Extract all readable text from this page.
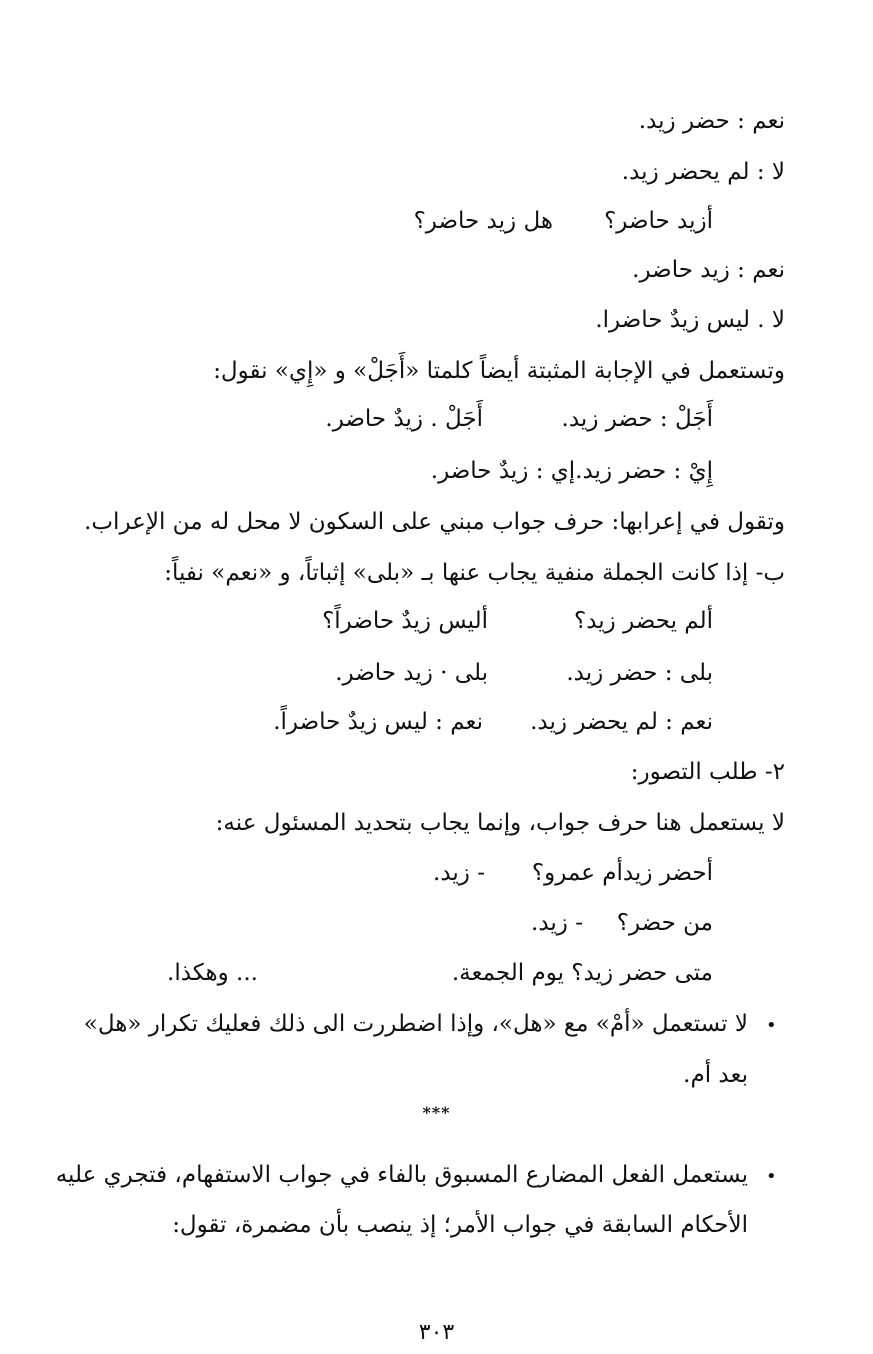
نعم : حضر زيد.
لا : لم يحضر زيد.
أزيد حاضر؟
هل زيد حاضر؟
نعم : زيد حاضر.
لا . ليس زيدٌ حاضرا.
وتستعمل في الإجابة المثبتة أيضاً كلمتا «أَجَلْ» و «إِي» نقول:
أَجَلْ : حضر زيد.
أَجَلْ . زيدٌ حاضر.
إِيْ : حضر زيد.إي : زيدٌ حاضر.
وتقول في إعرابها: حرف جواب مبني على السكون لا محل له من الإعراب.
ب- إذا كانت الجملة منفية يجاب عنها بـ «بلى» إثباتاً، و «نعم» نفياً:
ألم يحضر زيد؟
أليس زيدٌ حاضراً؟
بلى : حضر زيد.
بلى · زيد حاضر.
نعم : لم يحضر زيد.
نعم : ليس زيدٌ حاضراً.
٢- طلب التصور:
لا يستعمل هنا حرف جواب، وإنما يجاب بتحديد المسئول عنه:
أحضر زيدأم عمرو؟
- زيد.
من حضر؟
- زيد.
متى حضر زيد؟ يوم الجمعة.
... وهكذا.
•
لا تستعمل «أمْ» مع «هل»، وإذا اضطررت الى ذلك فعليك تكرار «هل»
بعد أم.
***
•
يستعمل الفعل المضارع المسبوق بالفاء في جواب الاستفهام، فتجري عليه
الأحكام السابقة في جواب الأمر؛ إذ ينصب بأن مضمرة، تقول:
٣٠٣
